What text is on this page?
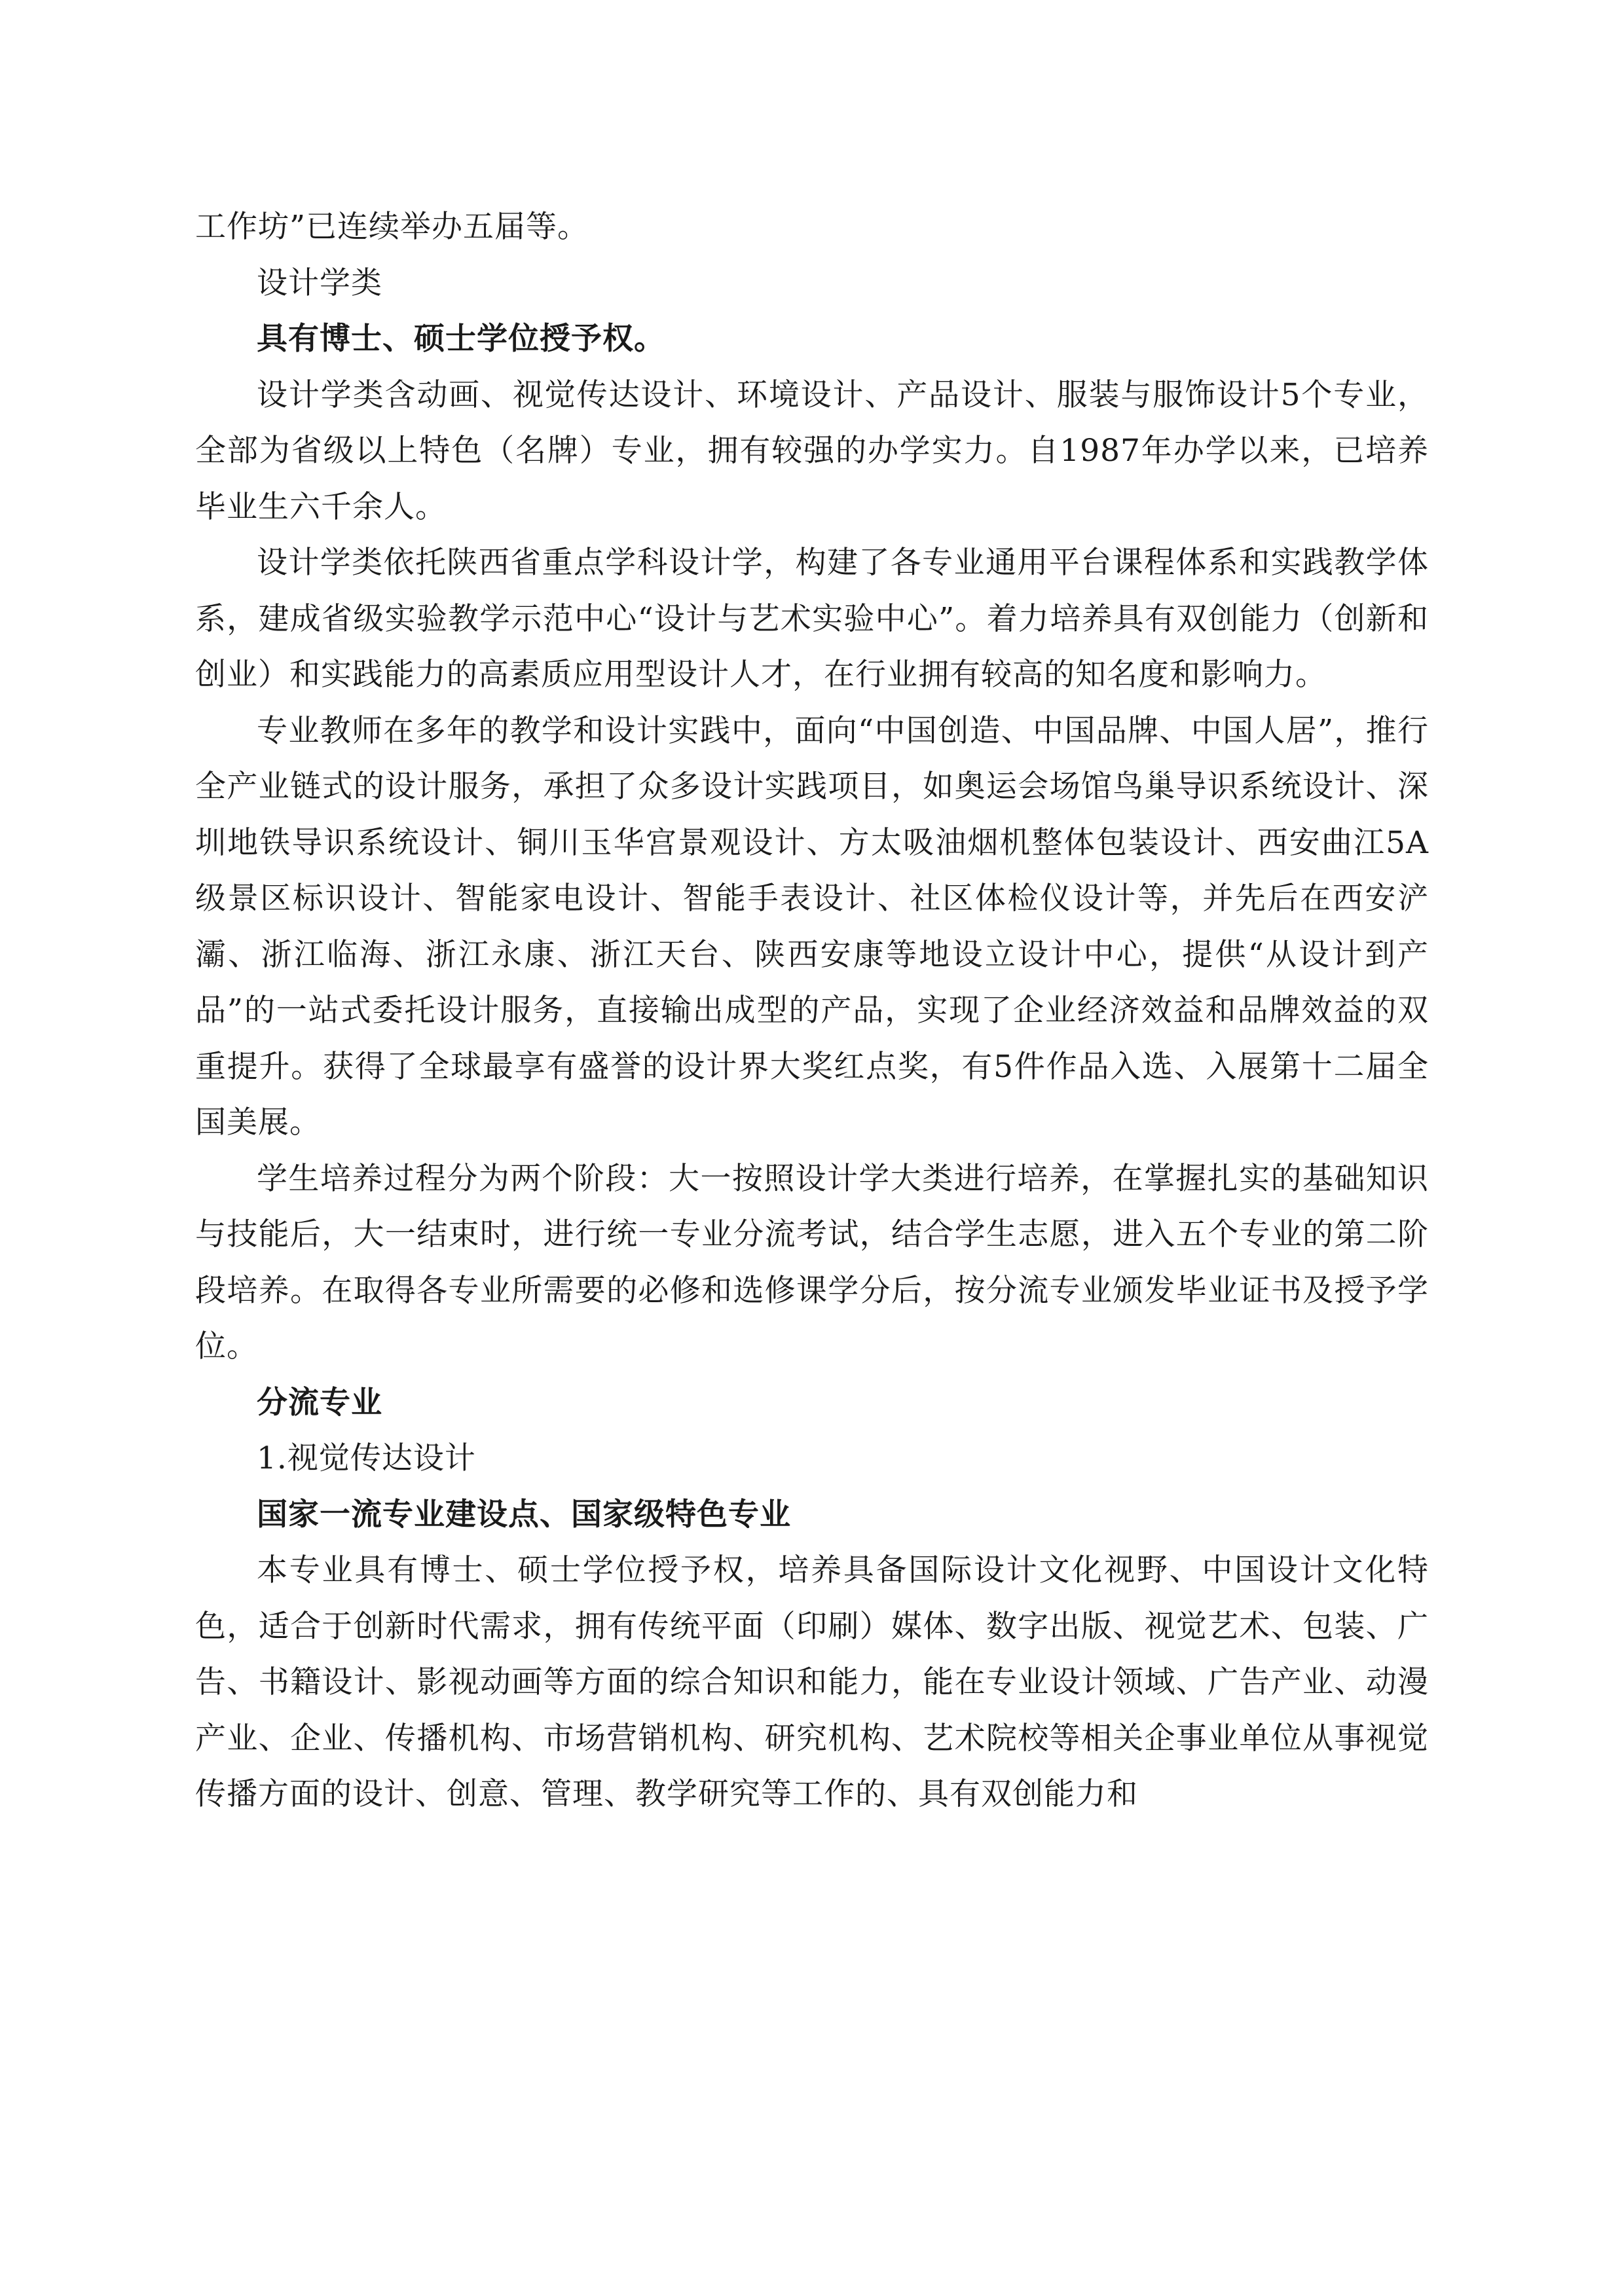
工作坊”已连续举办五届等。

设计学类

具有博士、硕士学位授予权。

设计学类含动画、视觉传达设计、环境设计、产品设计、服装与服饰设计5个专业，全部为省级以上特色（名牌）专业，拥有较强的办学实力。自1987年办学以来，已培养毕业生六千余人。

设计学类依托陕西省重点学科设计学，构建了各专业通用平台课程体系和实践教学体系，建成省级实验教学示范中心“设计与艺术实验中心”。着力培养具有双创能力（创新和创业）和实践能力的高素质应用型设计人才，在行业拥有较高的知名度和影响力。

专业教师在多年的教学和设计实践中，面向“中国创造、中国品牌、中国人居”，推行全产业链式的设计服务，承担了众多设计实践项目，如奥运会场馆鸟巢导识系统设计、深圳地铁导识系统设计、铜川玉华宫景观设计、方太吸油烟机整体包装设计、西安曲江5A级景区标识设计、智能家电设计、智能手表设计、社区体检仪设计等，并先后在西安浐灞、浙江临海、浙江永康、浙江天台、陕西安康等地设立设计中心，提供“从设计到产品”的一站式委托设计服务，直接输出成型的产品，实现了企业经济效益和品牌效益的双重提升。获得了全球最享有盛誉的设计界大奖红点奖，有5件作品入选、入展第十二届全国美展。

学生培养过程分为两个阶段：大一按照设计学大类进行培养，在掌握扎实的基础知识与技能后，大一结束时，进行统一专业分流考试，结合学生志愿，进入五个专业的第二阶段培养。在取得各专业所需要的必修和选修课学分后，按分流专业颁发毕业证书及授予学位。

分流专业

1.视觉传达设计

国家一流专业建设点、国家级特色专业

本专业具有博士、硕士学位授予权，培养具备国际设计文化视野、中国设计文化特色，适合于创新时代需求，拥有传统平面（印刷）媒体、数字出版、视觉艺术、包装、广告、书籍设计、影视动画等方面的综合知识和能力，能在专业设计领域、广告产业、动漫产业、企业、传播机构、市场营销机构、研究机构、艺术院校等相关企事业单位从事视觉传播方面的设计、创意、管理、教学研究等工作的、具有双创能力和
